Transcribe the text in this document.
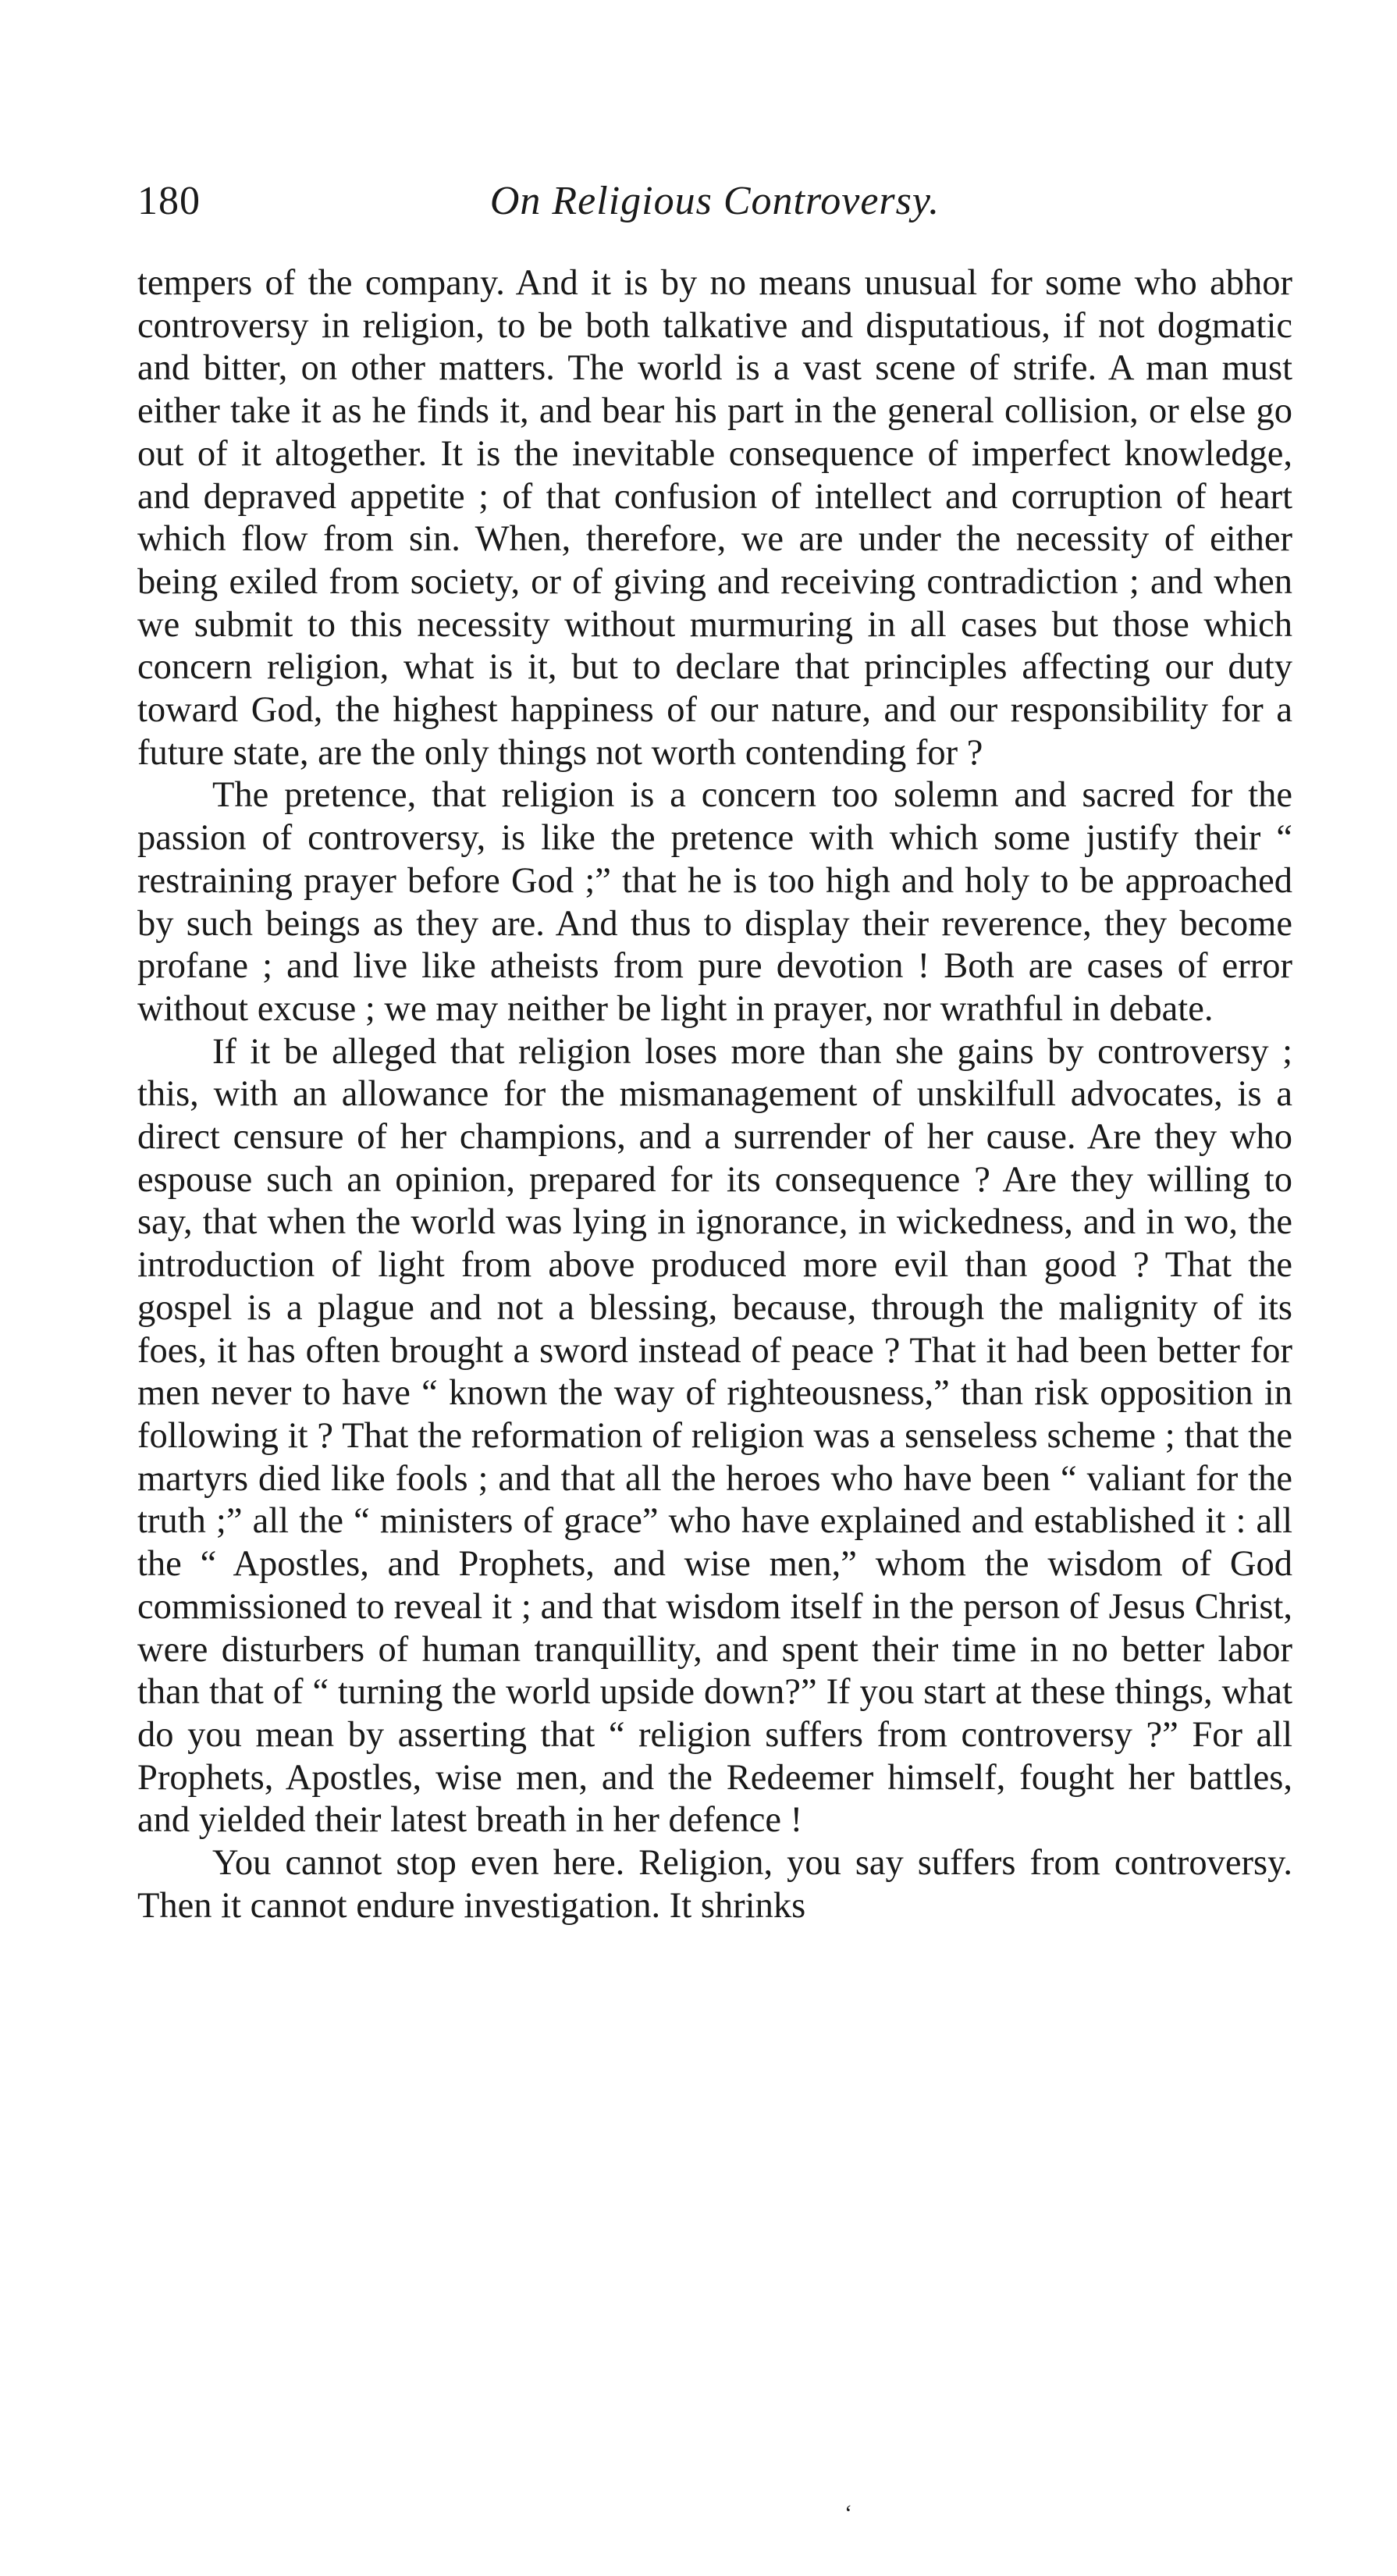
180	On Religious Controversy.

tempers of the company. And it is by no means unusual for some who abhor controversy in religion, to be both talkative and disputatious, if not dogmatic and bitter, on other matters. The world is a vast scene of strife. A man must either take it as he finds it, and bear his part in the general collision, or else go out of it altogether. It is the inevitable consequence of imperfect knowledge, and depraved appetite ; of that confusion of intellect and corruption of heart which flow from sin. When, therefore, we are under the necessity of either being exiled from society, or of giving and receiving contradiction ; and when we submit to this necessity without murmuring in all cases but those which concern religion, what is it, but to declare that principles affecting our duty toward God, the highest happiness of our nature, and our responsibility for a future state, are the only things not worth contending for ?

The pretence, that religion is a concern too solemn and sacred for the passion of controversy, is like the pretence with which some justify their “ restraining prayer before God ;” that he is too high and holy to be approached by such beings as they are. And thus to display their reverence, they become profane ; and live like atheists from pure devotion ! Both are cases of error without excuse ; we may neither be light in prayer, nor wrathful in debate.

If it be alleged that religion loses more than she gains by controversy ; this, with an allowance for the mismanagement of unskilfull advocates, is a direct censure of her champions, and a surrender of her cause. Are they who espouse such an opinion, prepared for its consequence ? Are they willing to say, that when the world was lying in ignorance, in wickedness, and in wo, the introduction of light from above produced more evil than good ? That the gospel is a plague and not a blessing, because, through the malignity of its foes, it has often brought a sword instead of peace ? That it had been better for men never to have “ known the way of righteousness,” than risk opposition in following it ? That the reformation of religion was a senseless scheme ; that the martyrs died like fools ; and that all the heroes who have been “ valiant for the truth ;” all the “ ministers of grace” who have explained and established it : all the “ Apostles, and Prophets, and wise men,” whom the wisdom of God commissioned to reveal it ; and that wisdom itself in the person of Jesus Christ, were disturbers of human tranquillity, and spent their time in no better labor than that of “ turning the world upside down?” If you start at these things, what do you mean by asserting that “ religion suffers from controversy ?” For all Prophets, Apostles, wise men, and the Redeemer himself, fought her battles, and yielded their latest breath in her defence !

You cannot stop even here. Religion, you say suffers from controversy. Then it cannot endure investigation. It shrinks

ʻ
